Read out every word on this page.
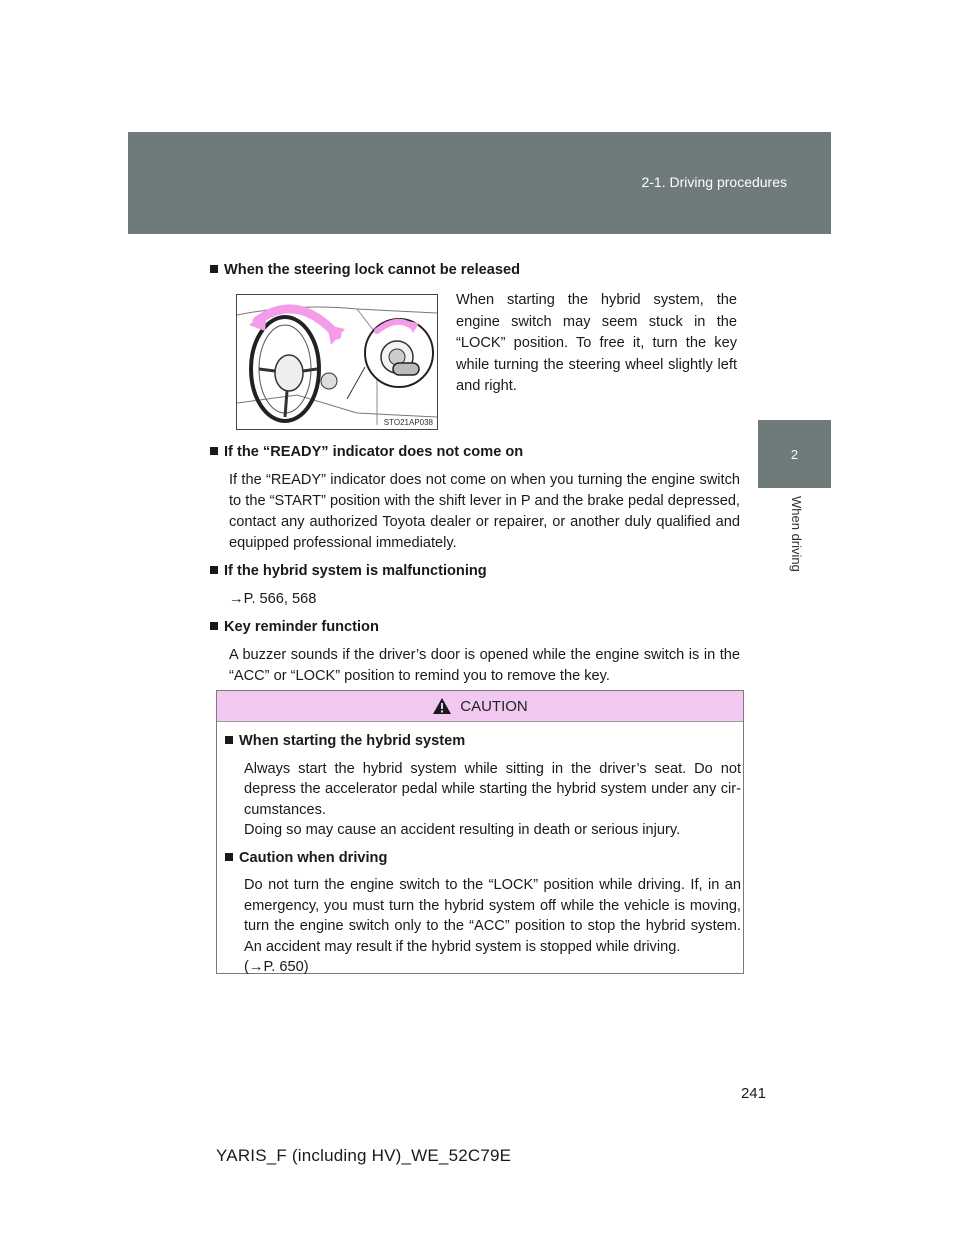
2-1. Driving procedures
2
When driving
When the steering lock cannot be released
STO21AP038
When starting the hybrid system, the engine switch may seem stuck in the “LOCK” position. To free it, turn the key while turning the steering wheel slightly left and right.
If the “READY” indicator does not come on
If the “READY” indicator does not come on when you turning the engine switch to the “START” position with the shift lever in P and the brake pedal depressed, contact any authorized Toyota dealer or repairer, or another duly qualified and equipped professional immediately.
If the hybrid system is malfunctioning
→P. 566, 568
Key reminder function
A buzzer sounds if the driver’s door is opened while the engine switch is in the “ACC” or “LOCK” position to remind you to remove the key.
CAUTION
When starting the hybrid system
Always start the hybrid system while sitting in the driver’s seat. Do not depress the accelerator pedal while starting the hybrid system under any cir-cumstances.
Doing so may cause an accident resulting in death or serious injury.
Caution when driving
Do not turn the engine switch to the “LOCK” position while driving. If, in an emergency, you must turn the hybrid system off while the vehicle is moving, turn the engine switch only to the “ACC” position to stop the hybrid system. An accident may result if the hybrid system is stopped while driving.
(→P. 650)
241
YARIS_F (including HV)_WE_52C79E
